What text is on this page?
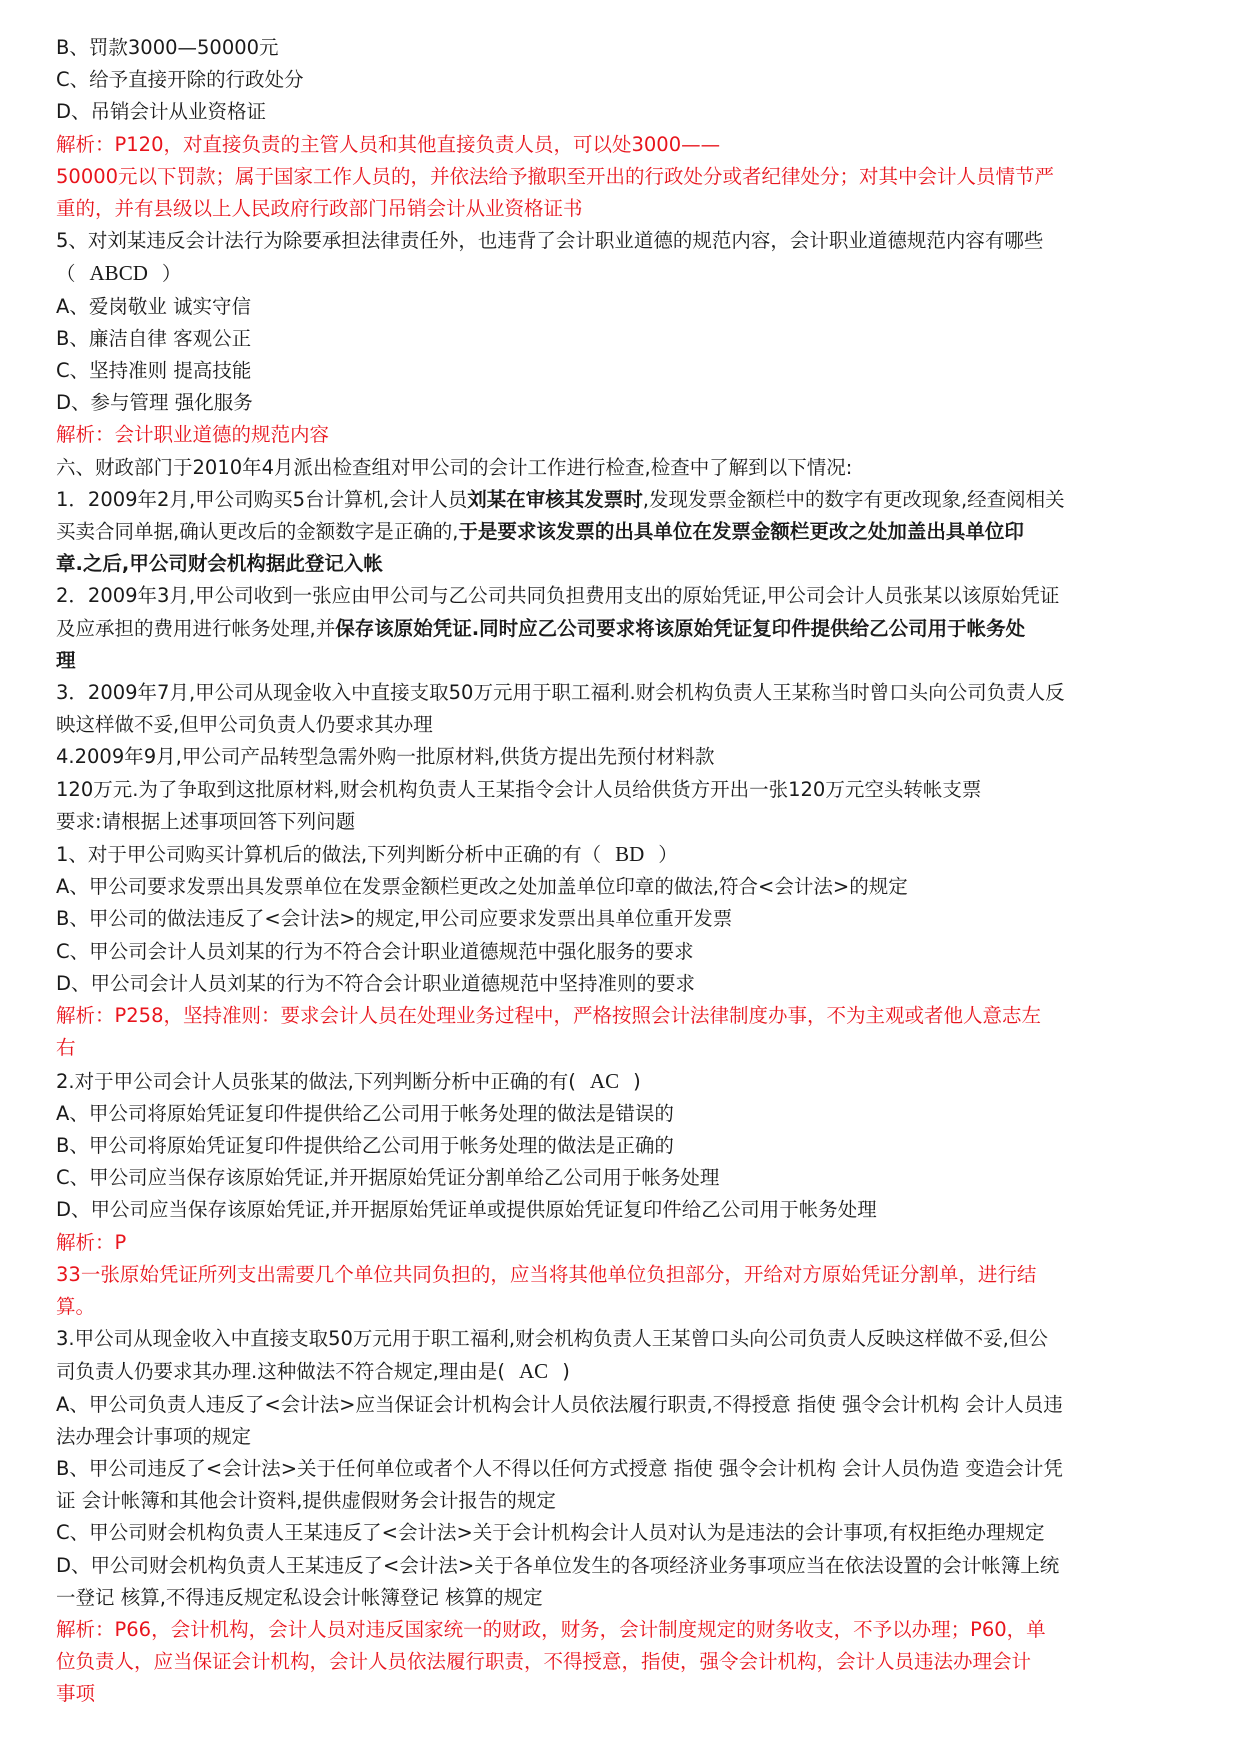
B、罚款3000—50000元
C、给予直接开除的行政处分
D、吊销会计从业资格证
解析：P120，对直接负责的主管人员和其他直接负责人员，可以处3000——
50000元以下罚款；属于国家工作人员的，并依法给予撤职至开出的行政处分或者纪律处分；对其中会计人员情节严
重的，并有县级以上人民政府行政部门吊销会计从业资格证书
5、对刘某违反会计法行为除要承担法律责任外，也违背了会计职业道德的规范内容，会计职业道德规范内容有哪些
（ ABCD ）
A、爱岗敬业 诚实守信
B、廉洁自律 客观公正
C、坚持准则 提高技能
D、参与管理 强化服务
解析：会计职业道德的规范内容
六、财政部门于2010年4月派出检查组对甲公司的会计工作进行检查,检查中了解到以下情况:
1．2009年2月,甲公司购买5台计算机,会计人员刘某在审核其发票时,发现发票金额栏中的数字有更改现象,经查阅相关
买卖合同单据,确认更改后的金额数字是正确的,于是要求该发票的出具单位在发票金额栏更改之处加盖出具单位印
章.之后,甲公司财会机构据此登记入帐
2．2009年3月,甲公司收到一张应由甲公司与乙公司共同负担费用支出的原始凭证,甲公司会计人员张某以该原始凭证
及应承担的费用进行帐务处理,并保存该原始凭证.同时应乙公司要求将该原始凭证复印件提供给乙公司用于帐务处
理
3．2009年7月,甲公司从现金收入中直接支取50万元用于职工福利.财会机构负责人王某称当时曾口头向公司负责人反
映这样做不妥,但甲公司负责人仍要求其办理
4.2009年9月,甲公司产品转型急需外购一批原材料,供货方提出先预付材料款
120万元.为了争取到这批原材料,财会机构负责人王某指令会计人员给供货方开出一张120万元空头转帐支票
要求:请根据上述事项回答下列问题
1、对于甲公司购买计算机后的做法,下列判断分析中正确的有（ BD ）
A、甲公司要求发票出具发票单位在发票金额栏更改之处加盖单位印章的做法,符合<会计法>的规定
B、甲公司的做法违反了<会计法>的规定,甲公司应要求发票出具单位重开发票
C、甲公司会计人员刘某的行为不符合会计职业道德规范中强化服务的要求
D、甲公司会计人员刘某的行为不符合会计职业道德规范中坚持准则的要求
解析：P258，坚持准则：要求会计人员在处理业务过程中，严格按照会计法律制度办事，不为主观或者他人意志左
右
2.对于甲公司会计人员张某的做法,下列判断分析中正确的有( AC )
A、甲公司将原始凭证复印件提供给乙公司用于帐务处理的做法是错误的
B、甲公司将原始凭证复印件提供给乙公司用于帐务处理的做法是正确的
C、甲公司应当保存该原始凭证,并开据原始凭证分割单给乙公司用于帐务处理
D、甲公司应当保存该原始凭证,并开据原始凭证单或提供原始凭证复印件给乙公司用于帐务处理
解析：P
33一张原始凭证所列支出需要几个单位共同负担的，应当将其他单位负担部分，开给对方原始凭证分割单，进行结
算。
3.甲公司从现金收入中直接支取50万元用于职工福利,财会机构负责人王某曾口头向公司负责人反映这样做不妥,但公
司负责人仍要求其办理.这种做法不符合规定,理由是( AC )
A、甲公司负责人违反了<会计法>应当保证会计机构会计人员依法履行职责,不得授意 指使 强令会计机构 会计人员违
法办理会计事项的规定
B、甲公司违反了<会计法>关于任何单位或者个人不得以任何方式授意 指使 强令会计机构 会计人员伪造 变造会计凭
证 会计帐簿和其他会计资料,提供虚假财务会计报告的规定
C、甲公司财会机构负责人王某违反了<会计法>关于会计机构会计人员对认为是违法的会计事项,有权拒绝办理规定
D、甲公司财会机构负责人王某违反了<会计法>关于各单位发生的各项经济业务事项应当在依法设置的会计帐簿上统
一登记 核算,不得违反规定私设会计帐簿登记 核算的规定
解析：P66，会计机构，会计人员对违反国家统一的财政，财务，会计制度规定的财务收支，不予以办理；P60，单
位负责人，应当保证会计机构，会计人员依法履行职责，不得授意，指使，强令会计机构，会计人员违法办理会计
事项
